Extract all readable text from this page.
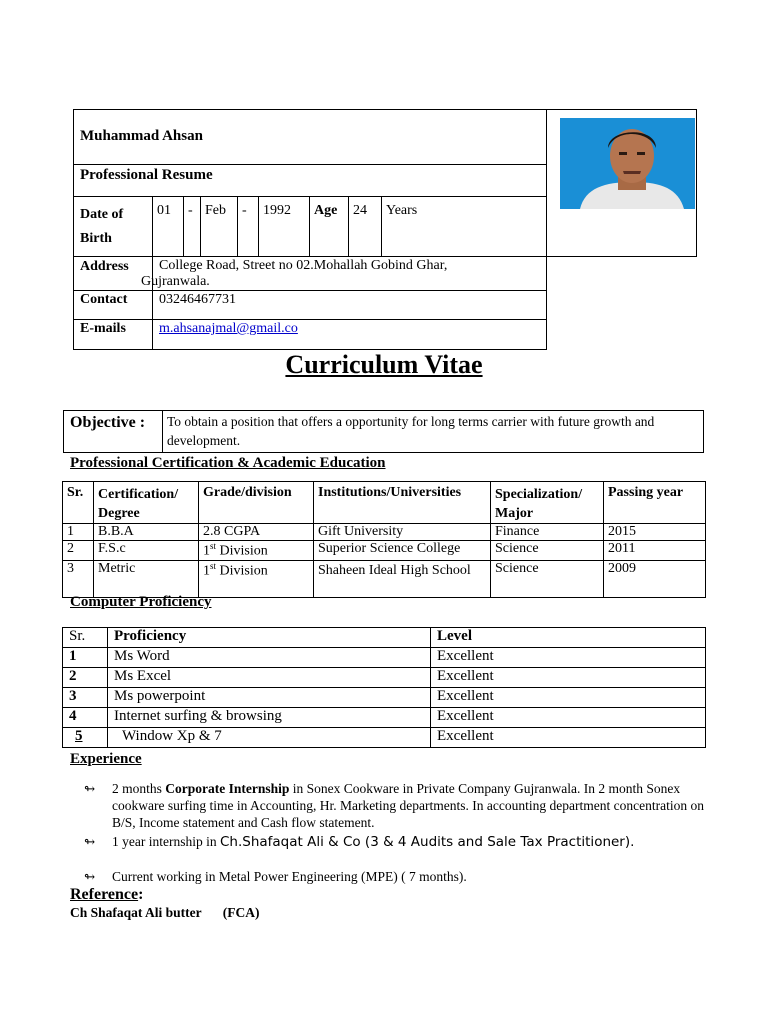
Muhammad Ahsan								
Professional Resume								
Date of Birth	01	-	Feb	-	1992	Age	24	Years
Address	College Road, Street no 02.Mohallah Gobind Ghar,
Gujranwala.							

Contact	03246467731							
E-mails	m.ahsanajmal@gmail.co							
Curriculum Vitae
Objective :	To obtain a position that offers a opportunity for long terms carrier with future growth and development.
Professional Certification & Academic Education
Sr.	Certification/ Degree	Grade/division	Institutions/Universities	Specialization/ Major	Passing year
1	B.B.A	2.8 CGPA	Gift University	Finance	2015
2	F.S.c	1st Division	Superior Science College	Science	2011
3	Metric	1st Division	Shaheen Ideal High School	Science	2009
Computer Proficiency
Sr.	Proficiency	Level
1	Ms Word	Excellent
2	Ms Excel	Excellent
3	Ms powerpoint	Excellent
4	Internet surfing & browsing	Excellent
5	Window Xp & 7	Excellent
Experience
↬ 2 months Corporate Internship in Sonex Cookware in Private Company Gujranwala. In 2 month Sonex cookware surfing time in Accounting, Hr. Marketing departments. In accounting department concentration on B/S, Income statement and Cash flow statement.
↬ 1 year internship in Ch.Shafaqat Ali & Co (3 & 4 Audits and Sale Tax Practitioner).
↬ Current working in Metal Power Engineering (MPE) ( 7 months).
Reference:
Ch Shafaqat Ali butter (FCA)
